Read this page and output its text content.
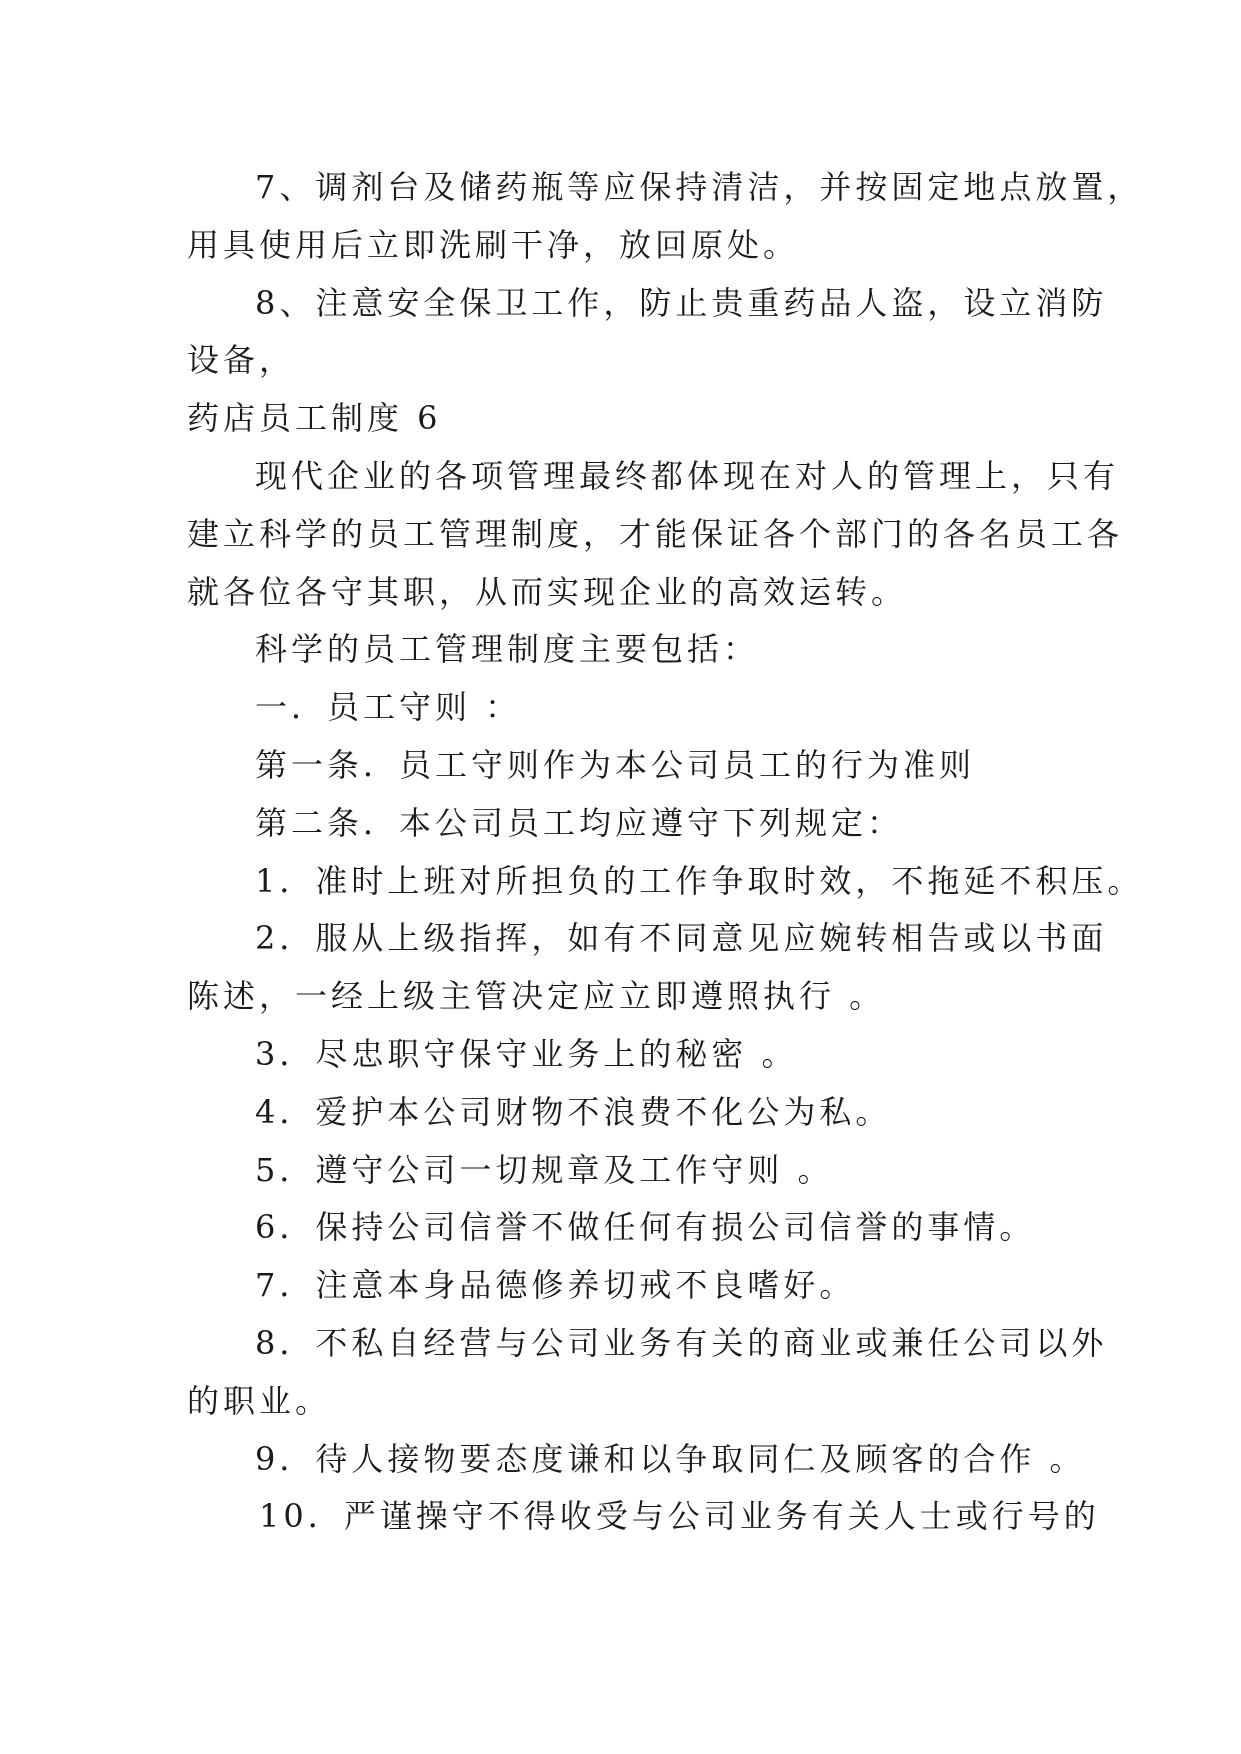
7、调剂台及储药瓶等应保持清洁，并按固定地点放置，
用具使用后立即洗刷干净，放回原处。
8、注意安全保卫工作，防止贵重药品人盗，设立消防
设备，
药店员工制度 6
现代企业的各项管理最终都体现在对人的管理上，只有
建立科学的员工管理制度，才能保证各个部门的各名员工各
就各位各守其职，从而实现企业的高效运转。
科学的员工管理制度主要包括：
一．员工守则 ：
第一条．员工守则作为本公司员工的行为准则
第二条．本公司员工均应遵守下列规定：
1．准时上班对所担负的工作争取时效，不拖延不积压。
2．服从上级指挥，如有不同意见应婉转相告或以书面
陈述，一经上级主管决定应立即遵照执行 。
3．尽忠职守保守业务上的秘密 。
4．爱护本公司财物不浪费不化公为私。
5．遵守公司一切规章及工作守则 。
6．保持公司信誉不做任何有损公司信誉的事情。
7．注意本身品德修养切戒不良嗜好。
8．不私自经营与公司业务有关的商业或兼任公司以外
的职业。
9．待人接物要态度谦和以争取同仁及顾客的合作 。
10．严谨操守不得收受与公司业务有关人士或行号的
